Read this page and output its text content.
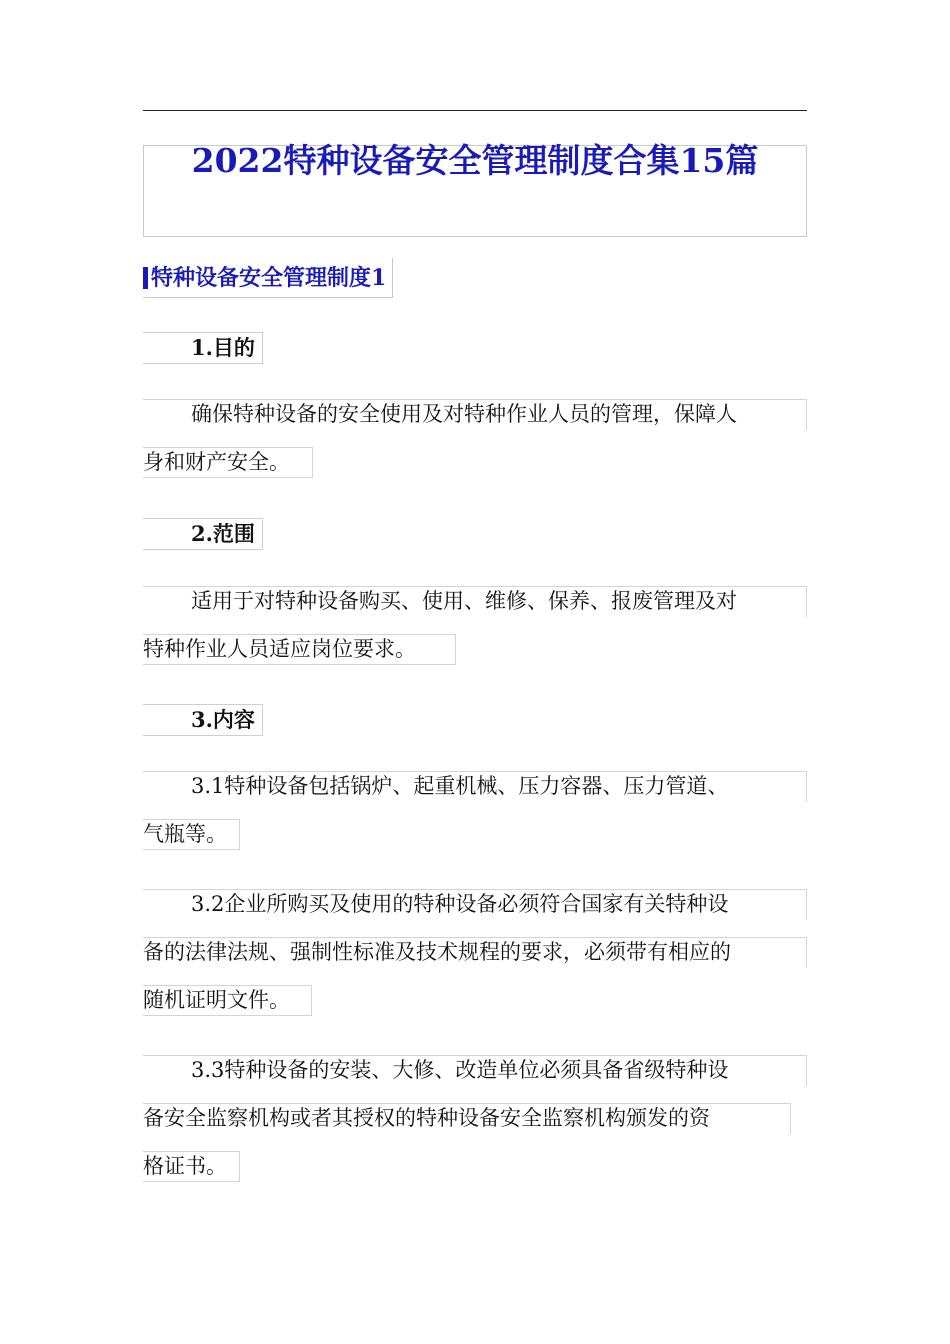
2022特种设备安全管理制度合集15篇
特种设备安全管理制度1
1.目的
确保特种设备的安全使用及对特种作业人员的管理，保障人
身和财产安全。
2.范围
适用于对特种设备购买、使用、维修、保养、报废管理及对
特种作业人员适应岗位要求。
3.内容
3.1特种设备包括锅炉、起重机械、压力容器、压力管道、
气瓶等。
3.2企业所购买及使用的特种设备必须符合国家有关特种设
备的法律法规、强制性标准及技术规程的要求，必须带有相应的
随机证明文件。
3.3特种设备的安装、大修、改造单位必须具备省级特种设
备安全监察机构或者其授权的特种设备安全监察机构颁发的资
格证书。
